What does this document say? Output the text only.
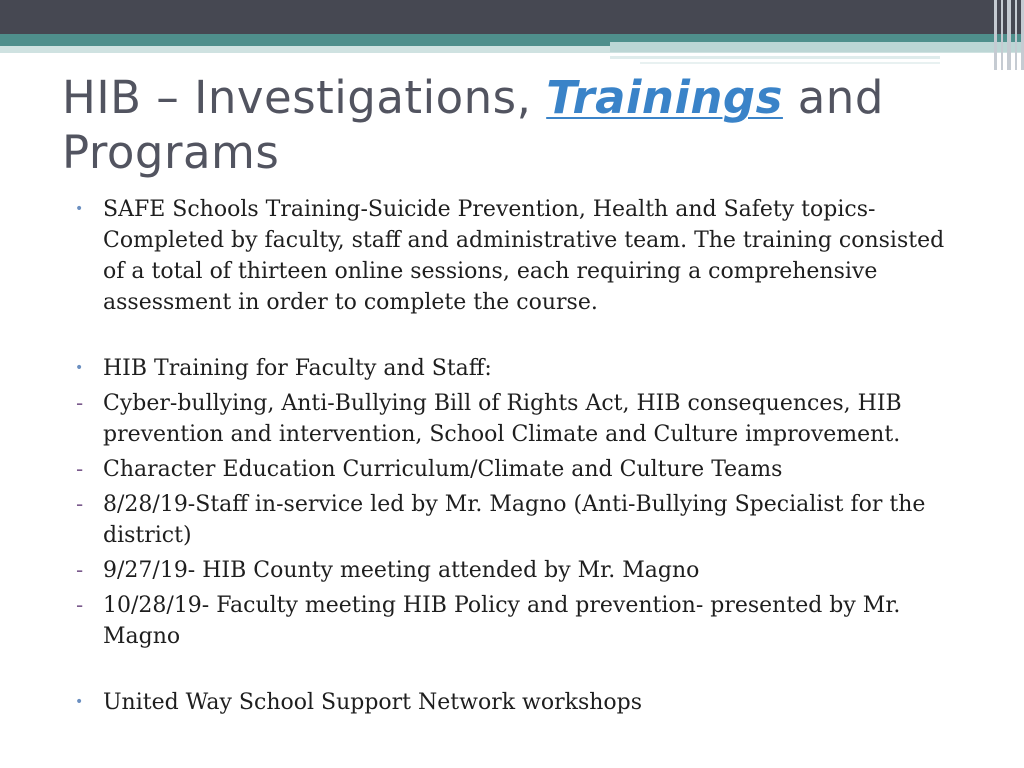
HIB – Investigations, Trainings and Programs
• SAFE Schools Training-Suicide Prevention, Health and Safety topics- Completed by faculty, staff and administrative team. The training consisted of a total of thirteen online sessions, each requiring a comprehensive assessment in order to complete the course.
• HIB Training for Faculty and Staff:
- Cyber-bullying, Anti-Bullying Bill of Rights Act, HIB consequences, HIB prevention and intervention, School Climate and Culture improvement.
- Character Education Curriculum/Climate and Culture Teams
- 8/28/19-Staff in-service led by Mr. Magno (Anti-Bullying Specialist for the district)
- 9/27/19- HIB County meeting attended by Mr. Magno
- 10/28/19- Faculty meeting HIB Policy and prevention- presented by Mr. Magno
• United Way School Support Network workshops
